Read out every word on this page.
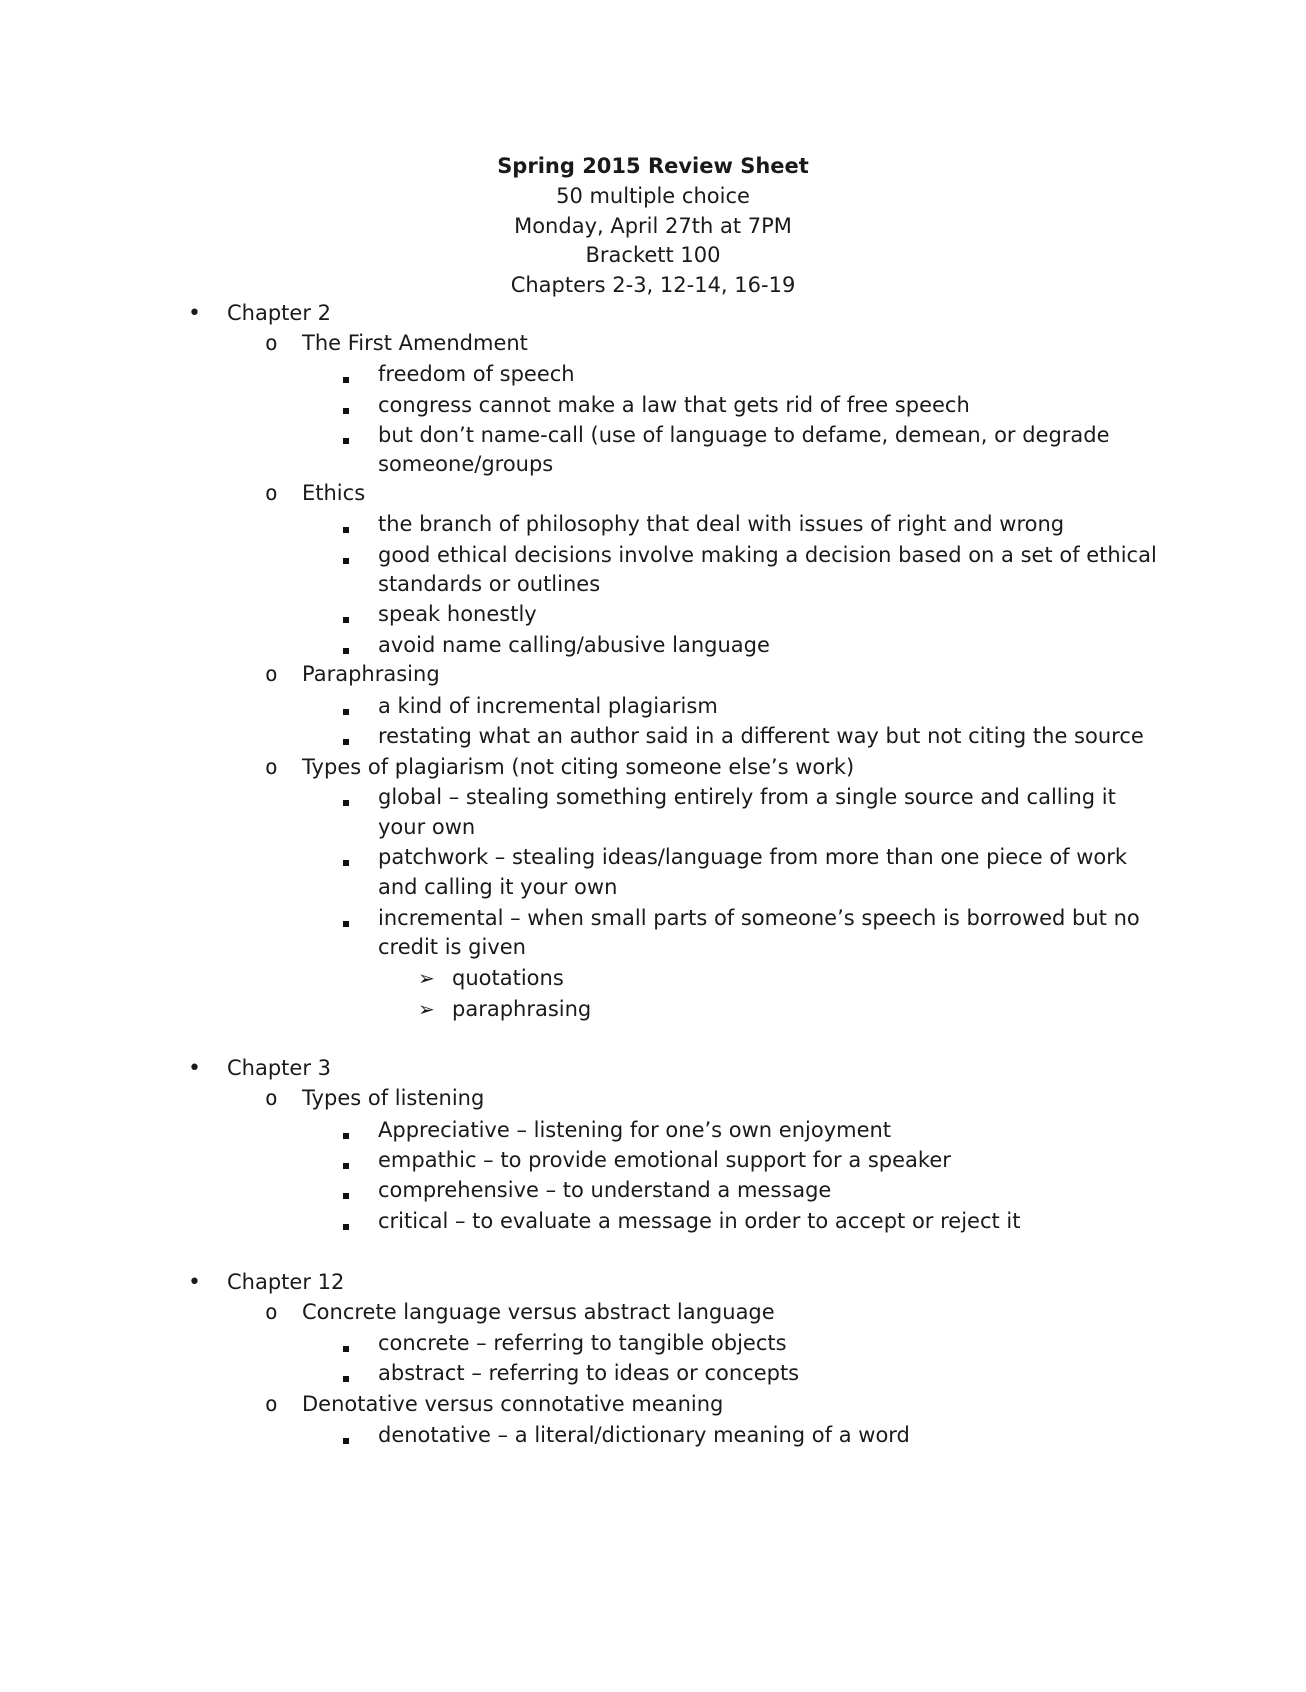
Spring 2015 Review Sheet
50 multiple choice
Monday, April 27th at 7PM
Brackett 100
Chapters 2-3, 12-14, 16-19
• Chapter 2
o The First Amendment
freedom of speech
congress cannot make a law that gets rid of free speech
but don’t name-call (use of language to defame, demean, or degrade
someone/groups
o Ethics
the branch of philosophy that deal with issues of right and wrong
good ethical decisions involve making a decision based on a set of ethical
standards or outlines
speak honestly
avoid name calling/abusive language
o Paraphrasing
a kind of incremental plagiarism
restating what an author said in a different way but not citing the source
o Types of plagiarism (not citing someone else’s work)
global – stealing something entirely from a single source and calling it
your own
patchwork – stealing ideas/language from more than one piece of work
and calling it your own
incremental – when small parts of someone’s speech is borrowed but no
credit is given
➢ quotations
➢ paraphrasing
• Chapter 3
o Types of listening
Appreciative – listening for one’s own enjoyment
empathic – to provide emotional support for a speaker
comprehensive – to understand a message
critical – to evaluate a message in order to accept or reject it
• Chapter 12
o Concrete language versus abstract language
concrete – referring to tangible objects
abstract – referring to ideas or concepts
o Denotative versus connotative meaning
denotative – a literal/dictionary meaning of a word
